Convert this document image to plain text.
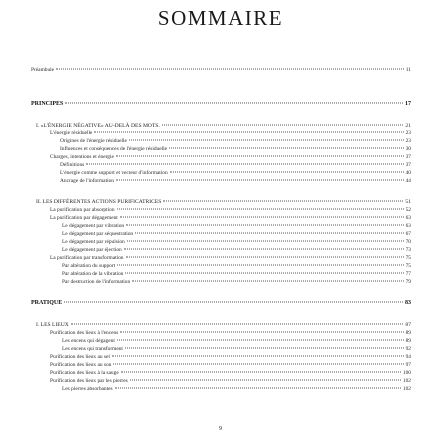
SOMMAIRE
Préambule	11
PRINCIPES	17
I. «L'ÉNERGIE NÉGATIVE» AU-DELÀ DES MOTS.	21
L'énergie résiduelle	23
Origines de l'énergie résiduelle	23
Influences et conséquences de l'énergie résiduelle	30
Charges, intentions et énergie	37
Définitions	37
L'énergie comme support et vecteur d'information	40
Ancrage de l'information	44
II. LES DIFFÉRENTES ACTIONS PURIFICATRICES	51
La purification par absorption	52
La purification par dégagement	63
Le dégagement par vibration	63
Le dégagement par séquestration	67
Le dégagement par répulsion	70
Le dégagement par éjection	73
La purification par transformation	75
Par altération du support	75
Par altération de la vibration	77
Par destruction de l'information	79
PRATIQUE	83
I. LES LIEUX	87
Purification des lieux à l'encens	89
Les encens qui dégagent	89
Les encens qui transforment	92
Purification des lieux au sel	94
Purification des lieux au son	97
Purification des lieux à la sauge	100
Purification des lieux par les pierres	102
Les pierres absorbantes	102
9
